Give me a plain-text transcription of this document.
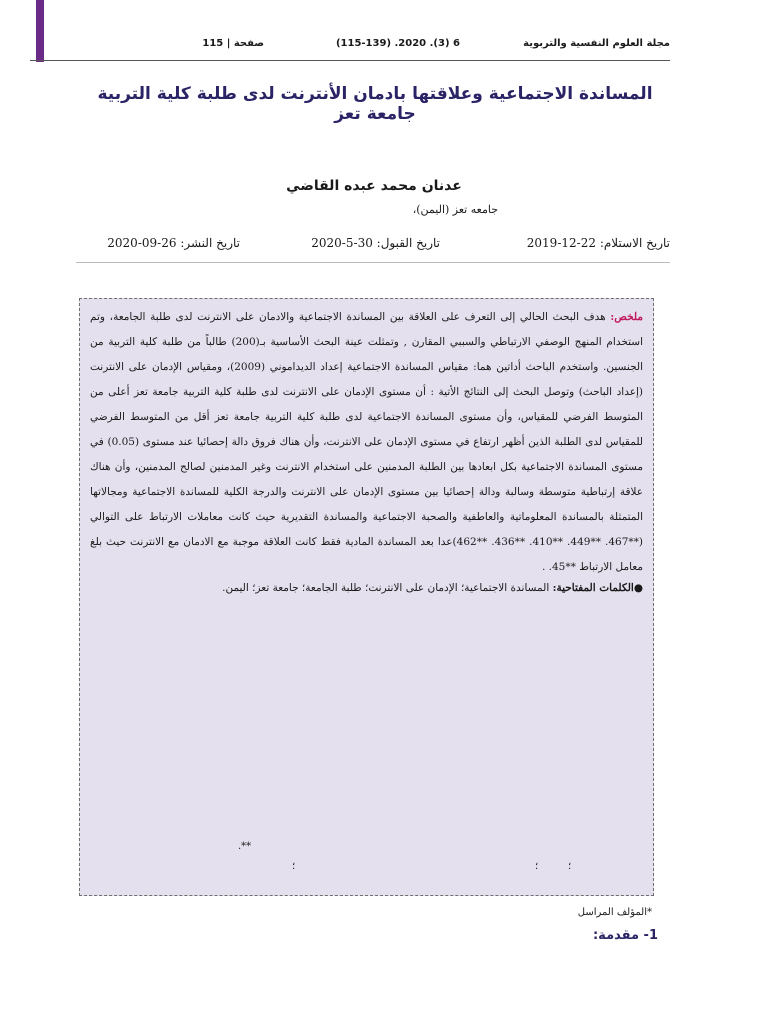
مجلة العلوم النفسية والتربوية
6 (3). 2020. (115-139)
صفحة | 115
المساندة الاجتماعية وعلاقتها بادمان الأنترنت لدى طلبة كلية التربية جامعة تعز
عدنان محمد عبده القاضي
جامعه تعز (اليمن)،
تاريخ الاستلام: 22-12-2019
تاريخ القبول: 30-5-2020
تاريخ النشر: 26-09-2020

ملخص: هدف البحث الحالي إلى التعرف على العلاقة بين المساندة الاجتماعية والادمان على الانترنت لدى طلبة الجامعة، وتم استخدام المنهج الوصفي الارتباطي والسببي المقارن , وتمثلت عينة البحث الأساسية بـ(200) طالباً من طلبة كلية التربية من الجنسين. واستخدم الباحث أداتين هما: مقياس المساندة الاجتماعية إعداد الديداموني (2009)، ومقياس الإدمان على الانترنت (إعداد الباحث) وتوصل البحث إلى النتائج الأتية : أن مستوى الإدمان على الانترنت لدى طلبة كلية التربية جامعة تعز أعلى من المتوسط الفرضي للمقياس، وأن مستوى المساندة الاجتماعية لدى طلبة كلية التربية جامعة تعز أقل من المتوسط الفرضي للمقياس لدى الطلبة الذين أظهر ارتفاع في مستوى الإدمان على الانترنت، وأن هناك فروق دالة إحصائيا عند مستوى (0.05) في مستوى المساندة الاجتماعية بكل ابعادها بين الطلبة المدمنين على استخدام الانترنت وغير المدمنين لصالح المدمنين، وأن هناك علاقة إرتباطية متوسطة وسالبة ودالة إحصائيا بين مستوى الإدمان على الانترنت والدرجة الكلية للمساندة الاجتماعية ومجالاتها المتمثلة بالمساندة المعلوماتية والعاطفية والصحبة الاجتماعية والمساندة التقديرية حيث كانت معاملات الارتباط على التوالي (**467. **449. **410. **436. **462)عدا بعد المساندة المادية فقط كانت العلاقة موجبة مع الادمان مع الانترنت حيث بلغ معامل الارتباط **45. .

●الكلمات المفتاحية: المساندة الاجتماعية؛ الإدمان على الانترنت؛ طلبة الجامعة؛ جامعة تعز؛ اليمن.

**.
؛	؛	؛
*المؤلف المراسل
1- مقدمة:
